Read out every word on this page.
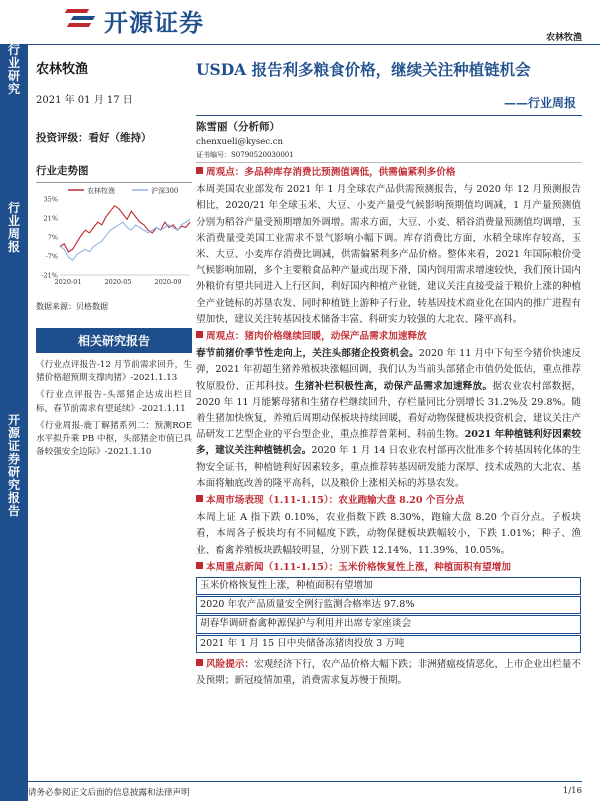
开源证券
农林牧渔
行
业
研
究
行
业
周
报
开
源
证
券
研
究
报
告
农林牧渔
2021 年 01 月 17 日
投资评级：看好（维持）
行业走势图
农林牧渔	沪深300
35%
21%
7%
-7%
-21%
2020-01	2020-05	2020-09
数据来源：贝格数据
相关研究报告
《行业点评报告-12 月节前需求回升，生猪价格超预期支撑肉猪》-2021.1.13
《行业点评报告-头部猪企达成出栏目标，春节前需求有望延续》-2021.1.11
《行业周报-鹿丁解猪系列二：预测ROE 水平拟升乘 PB 中枢，头部猪企市值已具备较强安全边际》-2021.1.10
USDA 报告利多粮食价格，继续关注种植链机会
——行业周报
陈雪丽（分析师）
chenxueli@kysec.cn
证书编号：S0790520030001

周观点：多品种库存消费比预测值调低，供需偏紧利多价格

本周美国农业部发布 2021 年 1 月全球农产品供需预测报告，与 2020 年 12 月预测报告相比，2020/21 年全球玉米、大豆、小麦产量受气候影响预期值均调减，1 月产量预测值分别为稻谷产量受预期增加外调增。需求方面，大豆、小麦、稻谷消费量预测值均调增，玉米消费量受美国工业需求不景气影响小幅下调。库存消费比方面，水稻全球库存较高，玉米、大豆、小麦库存消费比调减，供需偏紧利多产品价格。整体来看，2021 年国际粮价受气候影响加剧，多个主要粮食品种产量或出现下滑，国内饲用需求增速较快，我们预计国内外粮价有望共同进入上行区间，利好国内种植产业链，建议关注直接受益于粮价上涨的种植全产业链标的苏垦农发、同时种植链上游种子行业，转基因技术商业化在国内的推广进程有望加快，建议关注转基因技术储备丰富、科研实力较强的大北农、隆平高科。

周观点：猪肉价格继续回暖，动保产品需求加速释放

春节前猪价季节性走向上，关注头部猪企投资机会。2020 年 11 月中下旬至今猪价快速反弹，2021 年初超生猪养殖板块涨幅回调，我们认为当前头部猪企市值仍处低估，重点推荐牧原股份、正邦科技。生猪补栏积极性高，动保产品需求加速释放。据农业农村部数据，2020 年 11 月能繁母猪和生猪存栏继续回升，存栏量同比分别增长 31.2%及 29.8%。随着生猪加快恢复，养殖后周期动保板块持续回暖，看好动物保健板块投资机会，建议关注产品研发工艺型企业的平台型企业，重点推荐普莱柯、科前生物。2021 年种植链利好因素较多，建议关注种植链机会。2020 年 1 月 14 日农业农村部再次批准多个转基因转化体的生物安全证书，种植链利好因素较多，重点推荐转基因研发能力深厚、技术成熟的大北农、基本面将触底改善的隆平高科，以及粮价上涨相关标的苏垦农发。

本周市场表现（1.11-1.15）：农业跑输大盘 8.20 个百分点

本周上证 A 指下跌 0.10%，农业指数下跌 8.30%，跑输大盘 8.20 个百分点。子板块看，本周各子板块均有不同幅度下跌，动物保健板块跌幅较小，下跌 1.01%；种子、渔业、畜禽养殖板块跌幅较明显，分别下跌 12.14%、11.39%、10.05%。

本周重点新闻（1.11-1.15）：玉米价格恢复性上涨，种植面积有望增加

玉米价格恢复性上涨，种植面积有望增加
2020 年农产品质量安全例行监测合格率达 97.8%
胡春华调研畜禽种源保护与利用并出席专家座谈会
2021 年 1 月 15 日中央储备冻猪肉投放 3 万吨

风险提示：宏观经济下行，农产品价格大幅下跌；非洲猪瘟疫情恶化，上市企业出栏量不及预期；新冠疫情加重，消费需求复苏慢于预期。

请务必参阅正文后面的信息披露和法律声明	1/16
